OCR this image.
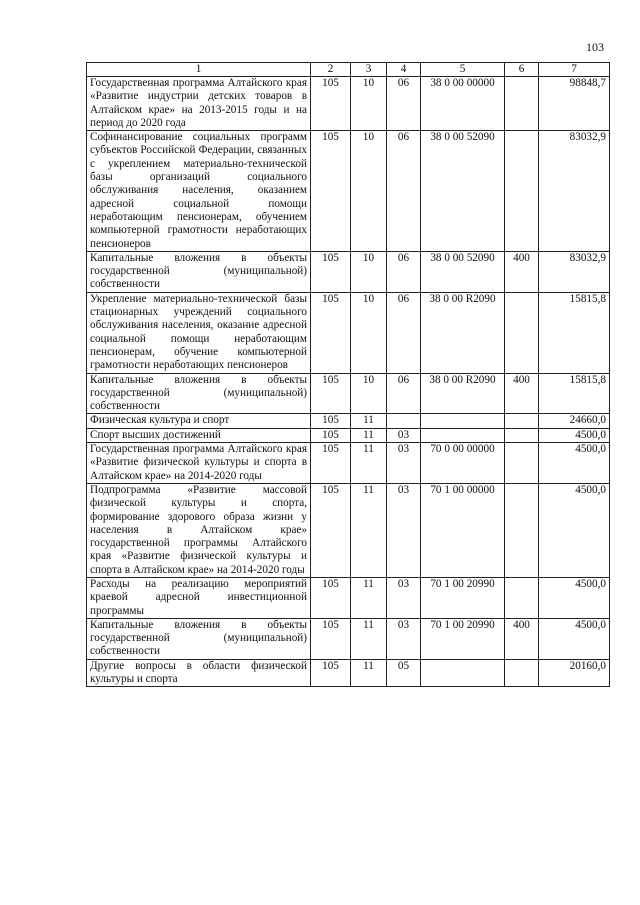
103
1	2	3	4	5	6	7
Государственная программа Алтайского края «Развитие индустрии детских товаров в Алтайском крае» на 2013-2015 годы и на период до 2020 года	105	10	06	38 0 00 00000		98848,7
Софинансирование социальных программ субъектов Российской Федерации, связанных с укреплением материально-технической базы организаций социального обслуживания населения, оказанием адресной социальной помощи неработающим пенсионерам, обучением компьютерной грамотности неработающих пенсионеров	105	10	06	38 0 00 52090		83032,9
Капитальные вложения в объекты государственной (муниципальной) собственности	105	10	06	38 0 00 52090	400	83032,9
Укрепление материально-технической базы стационарных учреждений социального обслуживания населения, оказание адресной социальной помощи неработающим пенсионерам, обучение компьютерной грамотности неработающих пенсионеров	105	10	06	38 0 00 R2090		15815,8
Капитальные вложения в объекты государственной (муниципальной) собственности	105	10	06	38 0 00 R2090	400	15815,8
Физическая культура и спорт	105	11				24660,0
Спорт высших достижений	105	11	03			4500,0
Государственная программа Алтайского края «Развитие физической культуры и спорта в Алтайском крае» на 2014-2020 годы	105	11	03	70 0 00 00000		4500,0
Подпрограмма «Развитие массовой физической культуры и спорта, формирование здорового образа жизни у населения в Алтайском крае» государственной программы Алтайского края «Развитие физической культуры и спорта в Алтайском крае» на 2014-2020 годы	105	11	03	70 1 00 00000		4500,0
Расходы на реализацию мероприятий краевой адресной инвестиционной программы	105	11	03	70 1 00 20990		4500,0
Капитальные вложения в объекты государственной (муниципальной) собственности	105	11	03	70 1 00 20990	400	4500,0
Другие вопросы в области физической культуры и спорта	105	11	05			20160,0
